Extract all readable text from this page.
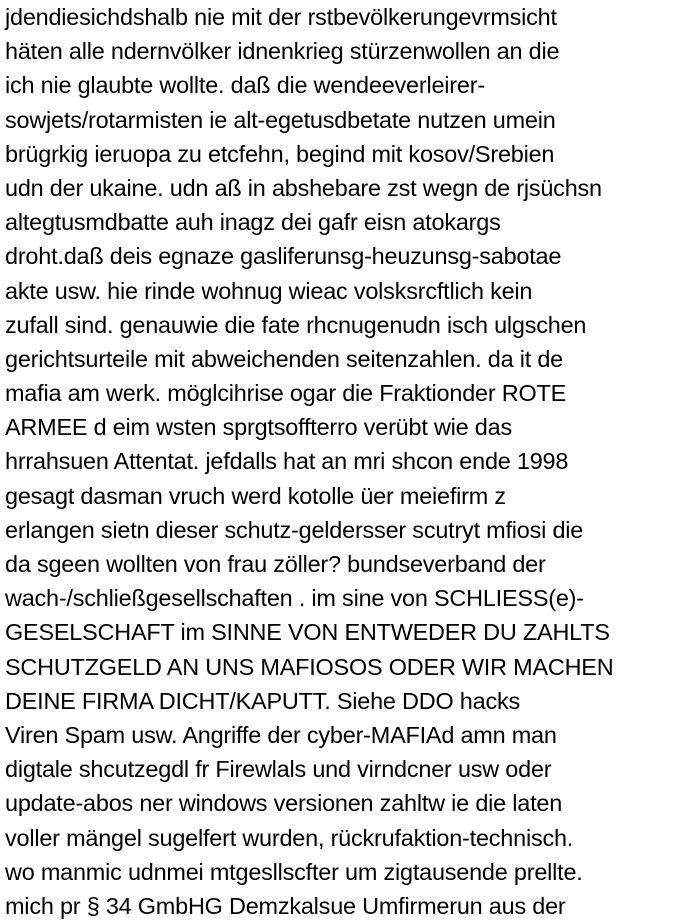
jdendiesichdshalb nie mit der rstbevölkerungevrmsicht
häten alle ndernvölker idnenkrieg stürzenwollen an die
ich nie glaubte wollte. daß die wendeeverleirer-
sowjets/rotarmisten ie alt-egetusdbetate nutzen umein
brügrkig ieruopa zu etcfehn, begind mit kosov/Srebien
udn der ukaine. udn aß in abshebare zst wegn de rjsüchsn
altegtusmdbatte auh inagz dei gafr eisn atokargs
droht.daß deis egnaze gasliferunsg-heuzunsg-sabotae
akte usw. hie rinde wohnug wieac volsksrcftlich kein
zufall sind. genauwie die fate rhcnugenudn isch ulgschen
gerichtsurteile mit abweichenden seitenzahlen. da it de
mafia am werk. möglcihrise ogar die Fraktionder ROTE
ARMEE d eim wsten sprgtsoffterro verübt wie das
hrrahsuen Attentat. jefdalls hat an mri shcon ende 1998
gesagt dasman vruch werd kotolle üer meiefirm z
erlangen sietn dieser schutz-geldersser scutryt mfiosi die
da sgeen wollten von frau zöller? bundseverband der
wach-/schließgesellschaften . im sine von SCHLIESS(e)-
GESELSCHAFT im SINNE VON ENTWEDER DU ZAHLTS
SCHUTZGELD AN UNS MAFIOSOS ODER WIR MACHEN
DEINE FIRMA DICHT/KAPUTT. Siehe DDO hacks
Viren Spam usw. Angriffe der cyber-MAFIAd amn man
digtale shcutzegdl fr Firewlals und virndcner usw oder
update-abos ner windows versionen zahltw ie die laten
voller mängel sugelfert wurden, rückrufaktion-technisch.
wo manmic udnmei mtgesllscfter um zigtausende prellte.
mich pr § 34 GmbHG Demzkalsue Umfirmerun aus der
